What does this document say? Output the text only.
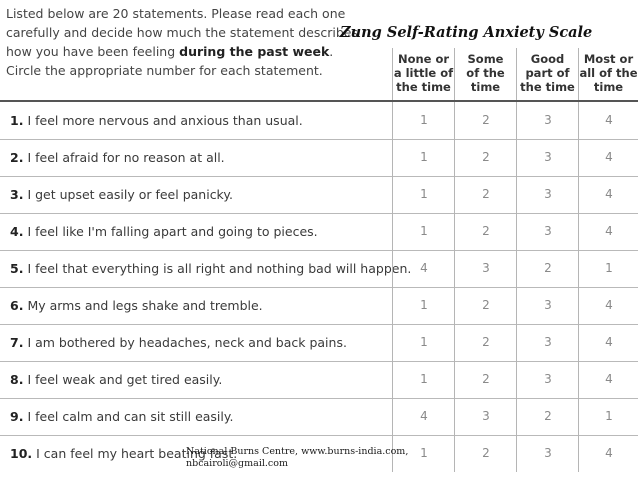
Listed below are 20 statements. Please read each one
carefully and decide how much the statement describes
how you have been feeling during the past week.
Circle the appropriate number for each statement.
Zung Self-Rating Anxiety Scale
None or
a little of
the time
Some
of the
time
Good
part of
the time
Most or
all of the
time
1. I feel more nervous and anxious than usual.	1	2	3	4
2. I feel afraid for no reason at all.	1	2	3	4
3. I get upset easily or feel panicky.	1	2	3	4
4. I feel like I'm falling apart and going to pieces.	1	2	3	4
5. I feel that everything is all right and nothing bad will happen. 4	3	2	1
6. My arms and legs shake and tremble.	1	2	3	4
7. I am bothered by headaches, neck and back pains.	1	2	3	4
8. I feel weak and get tired easily.	1	2	3	4
9. I feel calm and can sit still easily.	4	3	2	1
10. I can feel my heart beating fast.	1	2	3	4
National Burns Centre, www.burns-india.com,
nbcairoli@gmail.com
